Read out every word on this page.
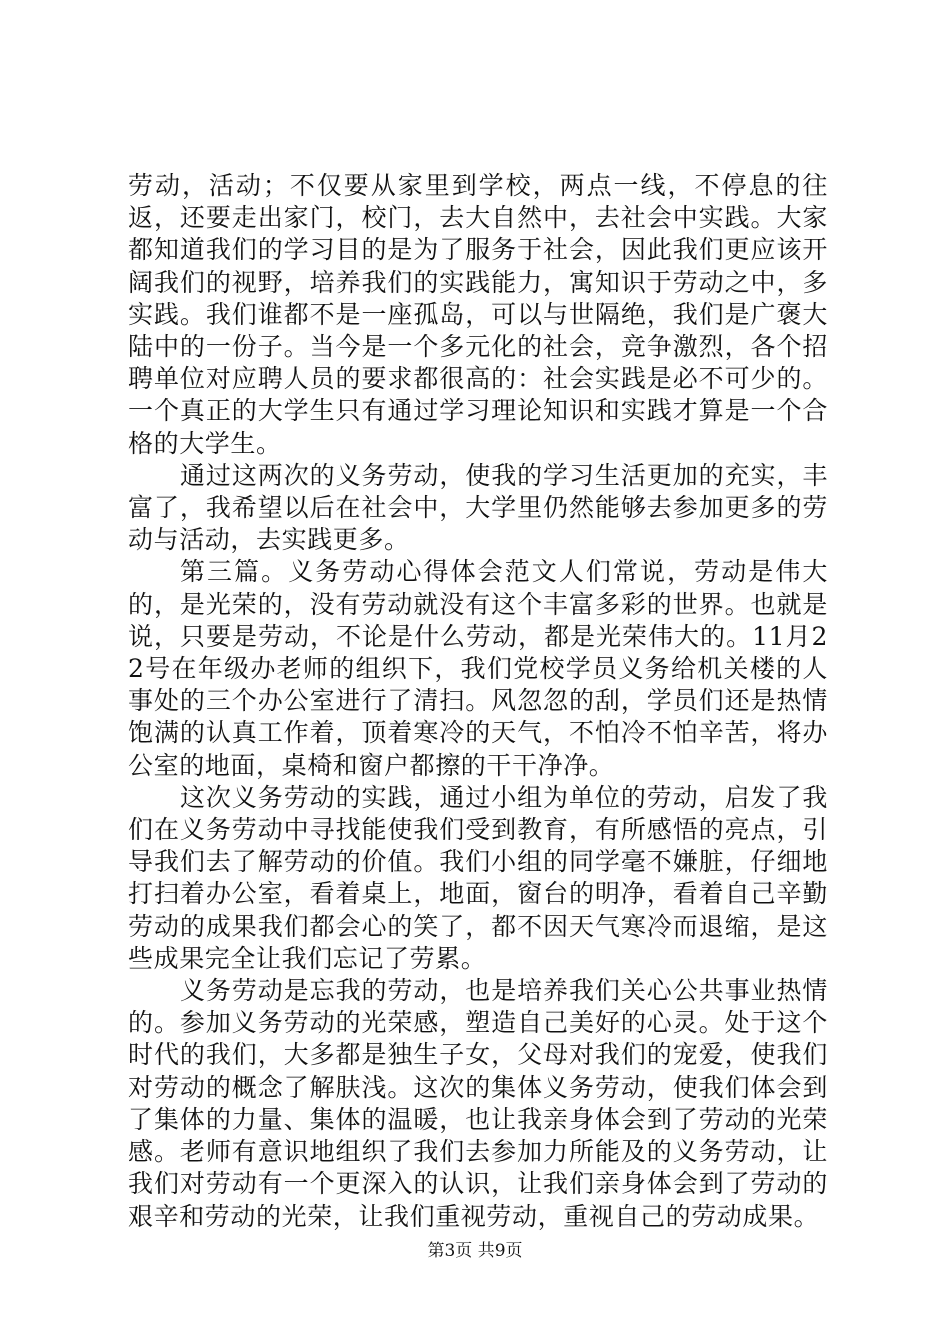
劳动，活动；不仅要从家里到学校，两点一线，不停息的往返，还要走出家门，校门，去大自然中，去社会中实践。大家都知道我们的学习目的是为了服务于社会，因此我们更应该开阔我们的视野，培养我们的实践能力，寓知识于劳动之中，多实践。我们谁都不是一座孤岛，可以与世隔绝，我们是广褒大陆中的一份子。当今是一个多元化的社会，竞争激烈，各个招聘单位对应聘人员的要求都很高的：社会实践是必不可少的。一个真正的大学生只有通过学习理论知识和实践才算是一个合格的大学生。

通过这两次的义务劳动，使我的学习生活更加的充实，丰富了，我希望以后在社会中，大学里仍然能够去参加更多的劳动与活动，去实践更多。

第三篇。义务劳动心得体会范文人们常说，劳动是伟大的，是光荣的，没有劳动就没有这个丰富多彩的世界。也就是说，只要是劳动，不论是什么劳动，都是光荣伟大的。11月22号在年级办老师的组织下，我们党校学员义务给机关楼的人事处的三个办公室进行了清扫。风忽忽的刮，学员们还是热情饱满的认真工作着，顶着寒冷的天气，不怕冷不怕辛苦，将办公室的地面，桌椅和窗户都擦的干干净净。

这次义务劳动的实践，通过小组为单位的劳动，启发了我们在义务劳动中寻找能使我们受到教育，有所感悟的亮点，引导我们去了解劳动的价值。我们小组的同学毫不嫌脏，仔细地打扫着办公室，看着桌上，地面，窗台的明净，看着自己辛勤劳动的成果我们都会心的笑了，都不因天气寒冷而退缩，是这些成果完全让我们忘记了劳累。

义务劳动是忘我的劳动，也是培养我们关心公共事业热情的。参加义务劳动的光荣感，塑造自己美好的心灵。处于这个时代的我们，大多都是独生子女，父母对我们的宠爱，使我们对劳动的概念了解肤浅。这次的集体义务劳动，使我们体会到了集体的力量、集体的温暖，也让我亲身体会到了劳动的光荣感。老师有意识地组织了我们去参加力所能及的义务劳动，让我们对劳动有一个更深入的认识，让我们亲身体会到了劳动的艰辛和劳动的光荣，让我们重视劳动，重视自己的劳动成果。

第3页 共9页
